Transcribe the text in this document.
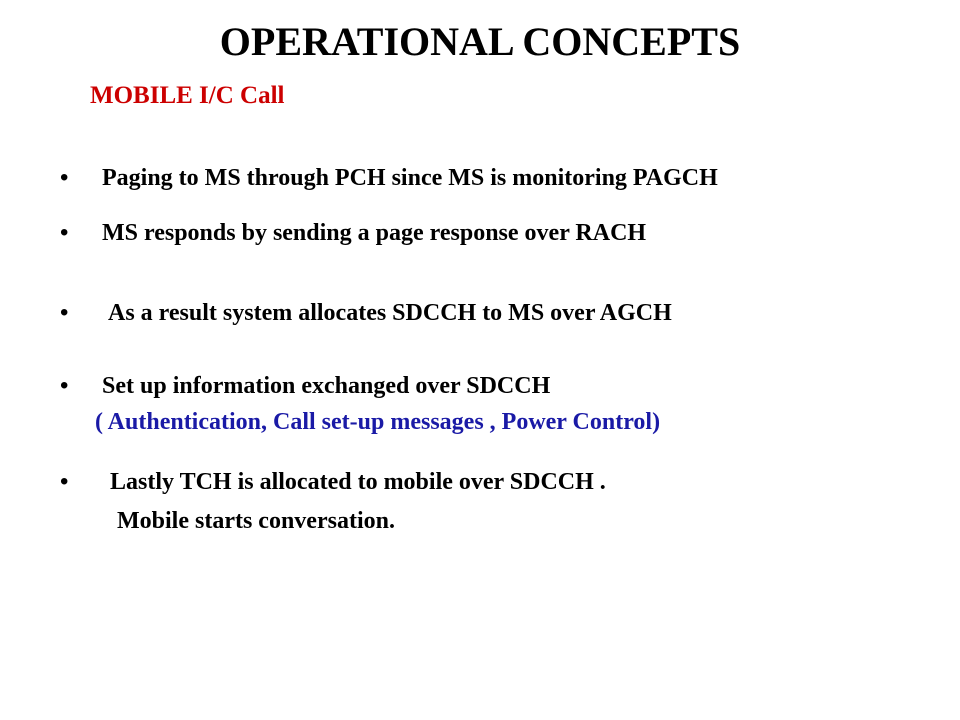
OPERATIONAL CONCEPTS
MOBILE I/C Call
• Paging to MS through PCH since MS is monitoring PAGCH
• MS responds by sending a page response over RACH
• As a result system allocates SDCCH to MS over AGCH
• Set up information exchanged over SDCCH
( Authentication, Call set-up messages , Power Control)
• Lastly TCH is allocated to mobile over SDCCH .
Mobile starts conversation.
